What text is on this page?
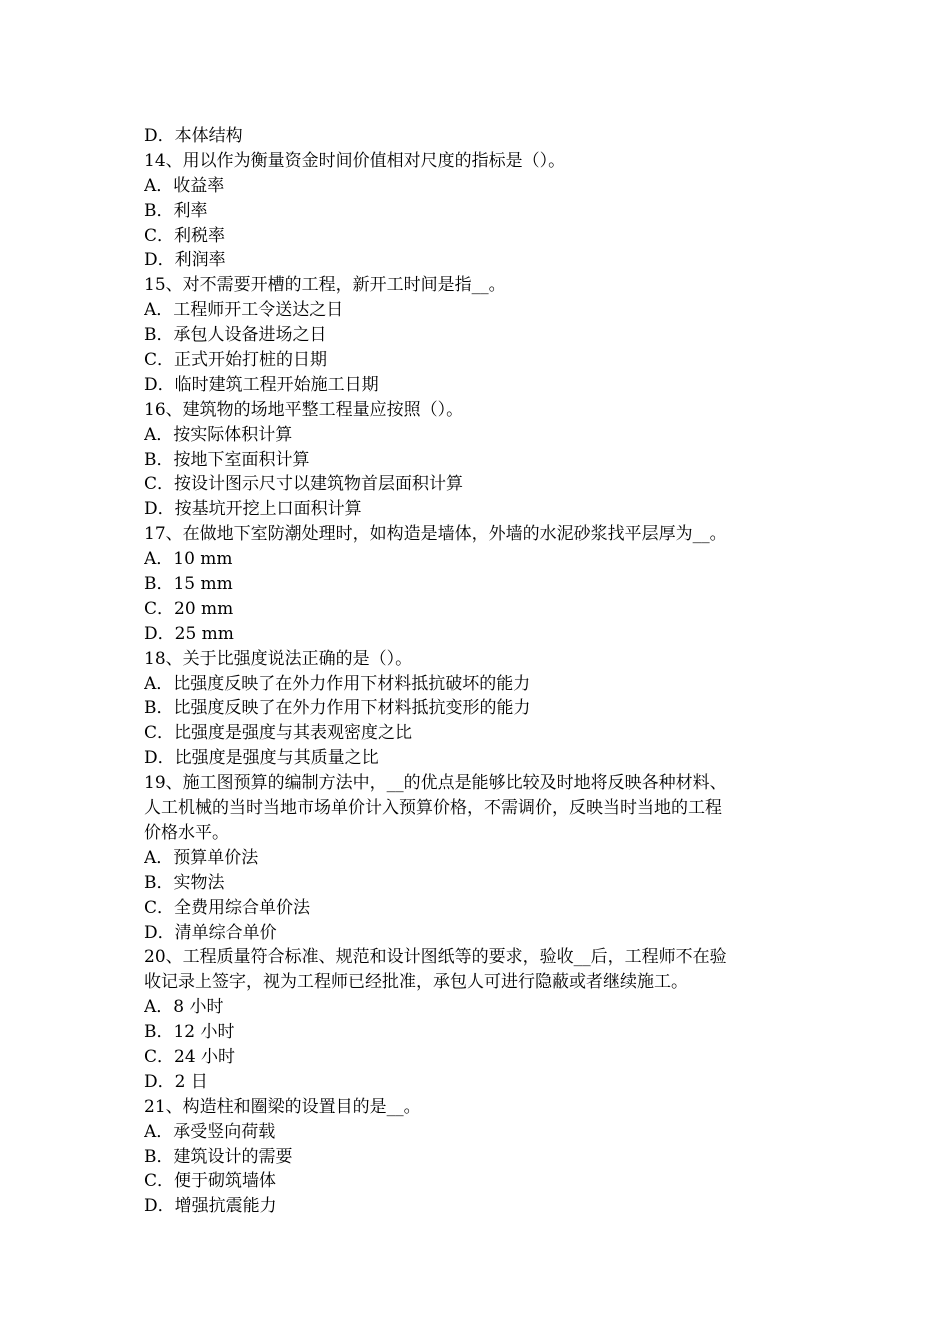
D．本体结构
14、用以作为衡量资金时间价值相对尺度的指标是（）。
A．收益率
B．利率
C．利税率
D．利润率
15、对不需要开槽的工程，新开工时间是指__。
A．工程师开工令送达之日
B．承包人设备进场之日
C．正式开始打桩的日期
D．临时建筑工程开始施工日期
16、建筑物的场地平整工程量应按照（）。
A．按实际体积计算
B．按地下室面积计算
C．按设计图示尺寸以建筑物首层面积计算
D．按基坑开挖上口面积计算
17、在做地下室防潮处理时，如构造是墙体，外墙的水泥砂浆找平层厚为__。
A．10 mm
B．15 mm
C．20 mm
D．25 mm
18、关于比强度说法正确的是（）。
A．比强度反映了在外力作用下材料抵抗破坏的能力
B．比强度反映了在外力作用下材料抵抗变形的能力
C．比强度是强度与其表观密度之比
D．比强度是强度与其质量之比
19、施工图预算的编制方法中，__的优点是能够比较及时地将反映各种材料、
人工机械的当时当地市场单价计入预算价格，不需调价，反映当时当地的工程
价格水平。
A．预算单价法
B．实物法
C．全费用综合单价法
D．清单综合单价
20、工程质量符合标准、规范和设计图纸等的要求，验收__后，工程师不在验
收记录上签字，视为工程师已经批准，承包人可进行隐蔽或者继续施工。
A．8 小时
B．12 小时
C．24 小时
D．2 日
21、构造柱和圈梁的设置目的是__。
A．承受竖向荷载
B．建筑设计的需要
C．便于砌筑墙体
D．增强抗震能力
